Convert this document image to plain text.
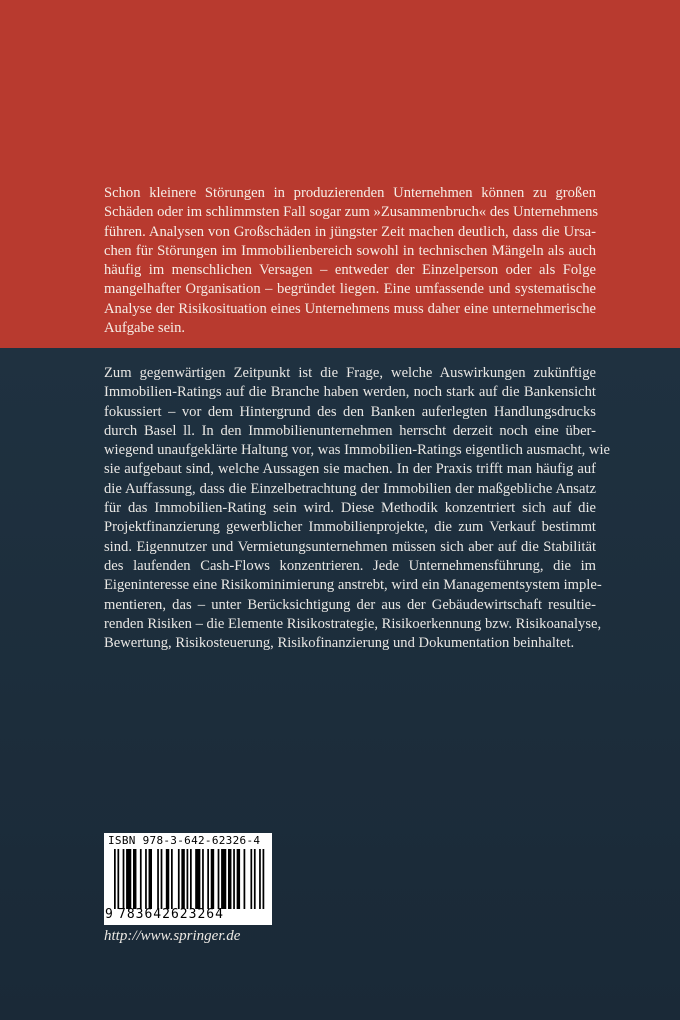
Schon kleinere Störungen in produzierenden Unternehmen können zu großen
Schäden oder im schlimmsten Fall sogar zum »Zusammenbruch« des Unternehmens
führen. Analysen von Großschäden in jüngster Zeit machen deutlich, dass die Ursa-
chen für Störungen im Immobilienbereich sowohl in technischen Mängeln als auch
häufig im menschlichen Versagen – entweder der Einzelperson oder als Folge
mangelhafter Organisation – begründet liegen. Eine umfassende und systematische
Analyse der Risikosituation eines Unternehmens muss daher eine unternehmerische
Aufgabe sein.
Zum gegenwärtigen Zeitpunkt ist die Frage, welche Auswirkungen zukünftige
Immobilien-Ratings auf die Branche haben werden, noch stark auf die Bankensicht
fokussiert – vor dem Hintergrund des den Banken auferlegten Handlungsdrucks
durch Basel ll. In den Immobilienunternehmen herrscht derzeit noch eine über-
wiegend unaufgeklärte Haltung vor, was Immobilien-Ratings eigentlich ausmacht, wie
sie aufgebaut sind, welche Aussagen sie machen. In der Praxis trifft man häufig auf
die Auffassung, dass die Einzelbetrachtung der Immobilien der maßgebliche Ansatz
für das Immobilien-Rating sein wird. Diese Methodik konzentriert sich auf die
Projektfinanzierung gewerblicher Immobilienprojekte, die zum Verkauf bestimmt
sind. Eigennutzer und Vermietungsunternehmen müssen sich aber auf die Stabilität
des laufenden Cash-Flows konzentrieren. Jede Unternehmensführung, die im
Eigeninteresse eine Risikominimierung anstrebt, wird ein Managementsystem imple-
mentieren, das – unter Berücksichtigung der aus der Gebäudewirtschaft resultie-
renden Risiken – die Elemente Risikostrategie, Risikoerkennung bzw. Risikoanalyse,
Bewertung, Risikosteuerung, Risikofinanzierung und Dokumentation beinhaltet.
ISBN 978-3-642-62326-4
9 783642623264
http://www.springer.de
